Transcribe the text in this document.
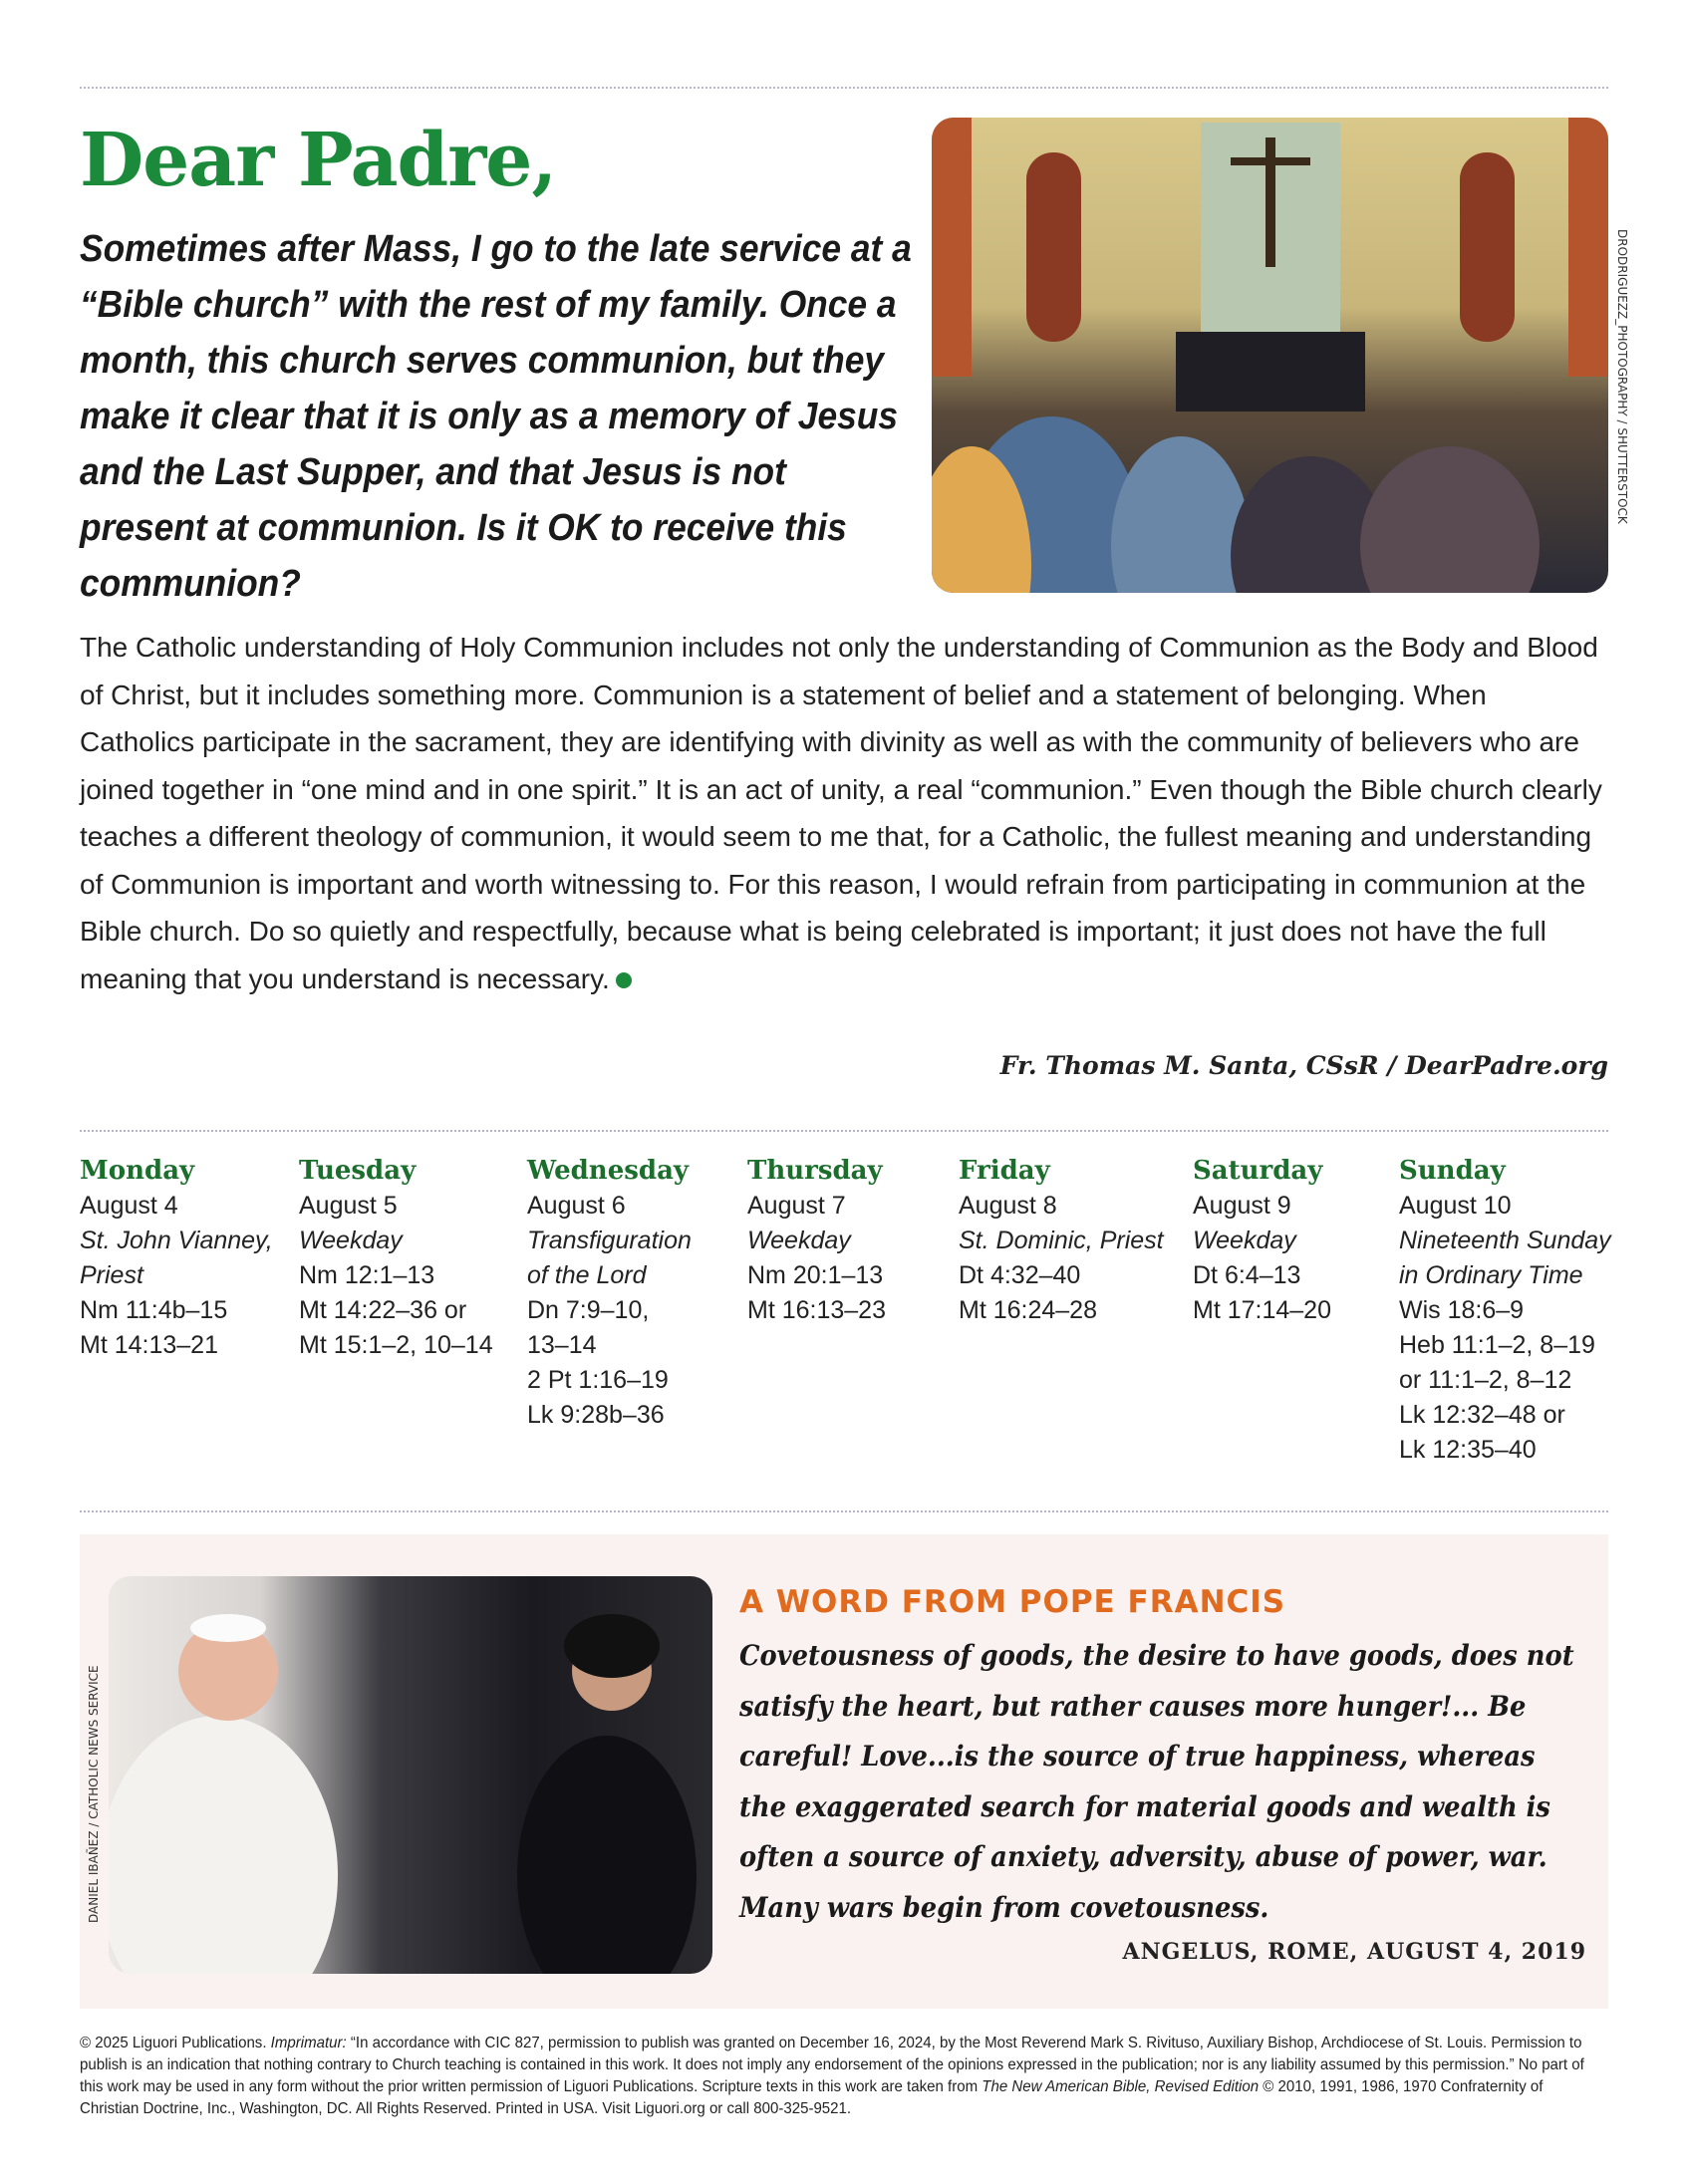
Dear Padre,
Sometimes after Mass, I go to the late service at a “Bible church” with the rest of my family. Once a month, this church serves communion, but they make it clear that it is only as a memory of Jesus and the Last Supper, and that Jesus is not present at communion. Is it OK to receive this communion?
DRODRIGUEZZ_PHOTOGRAPHY / SHUTTERSTOCK
The Catholic understanding of Holy Communion includes not only the understanding of Communion as the Body and Blood of Christ, but it includes something more. Communion is a statement of belief and a statement of belonging. When Catholics participate in the sacrament, they are identifying with divinity as well as with the community of believers who are joined together in “one mind and in one spirit.” It is an act of unity, a real “communion.” Even though the Bible church clearly teaches a different theology of communion, it would seem to me that, for a Catholic, the fullest meaning and understanding of Communion is important and worth witnessing to. For this reason, I would refrain from participating in communion at the Bible church. Do so quietly and respectfully, because what is being celebrated is important; it just does not have the full meaning that you understand is necessary.
Fr. Thomas M. Santa, CSsR / DearPadre.org
Monday
August 4
St. John Vianney,
Priest
Nm 11:4b–15
Mt 14:13–21
Tuesday
August 5
Weekday
Nm 12:1–13
Mt 14:22–36 or
Mt 15:1–2, 10–14
Wednesday
August 6
Transfiguration
of the Lord
Dn 7:9–10,
13–14
2 Pt 1:16–19
Lk 9:28b–36
Thursday
August 7
Weekday
Nm 20:1–13
Mt 16:13–23
Friday
August 8
St. Dominic, Priest
Dt 4:32–40
Mt 16:24–28
Saturday
August 9
Weekday
Dt 6:4–13
Mt 17:14–20
Sunday
August 10
Nineteenth Sunday
in Ordinary Time
Wis 18:6–9
Heb 11:1–2, 8–19
or 11:1–2, 8–12
Lk 12:32–48 or
Lk 12:35–40
DANIEL IBAÑEZ / CATHOLIC NEWS SERVICE
A WORD FROM POPE FRANCIS
Covetousness of goods, the desire to have goods, does not satisfy the heart, but rather causes more hunger!... Be careful! Love...is the source of true happiness, whereas the exaggerated search for material goods and wealth is often a source of anxiety, adversity, abuse of power, war. Many wars begin from covetousness.
ANGELUS, ROME, AUGUST 4, 2019
© 2025 Liguori Publications. Imprimatur: “In accordance with CIC 827, permission to publish was granted on December 16, 2024, by the Most Reverend Mark S. Rivituso, Auxiliary Bishop, Archdiocese of St. Louis. Permission to publish is an indication that nothing contrary to Church teaching is contained in this work. It does not imply any endorsement of the opinions expressed in the publication; nor is any liability assumed by this permission.” No part of this work may be used in any form without the prior written permission of Liguori Publications. Scripture texts in this work are taken from The New American Bible, Revised Edition © 2010, 1991, 1986, 1970 Confraternity of Christian Doctrine, Inc., Washington, DC. All Rights Reserved. Printed in USA. Visit Liguori.org or call 800-325-9521.
